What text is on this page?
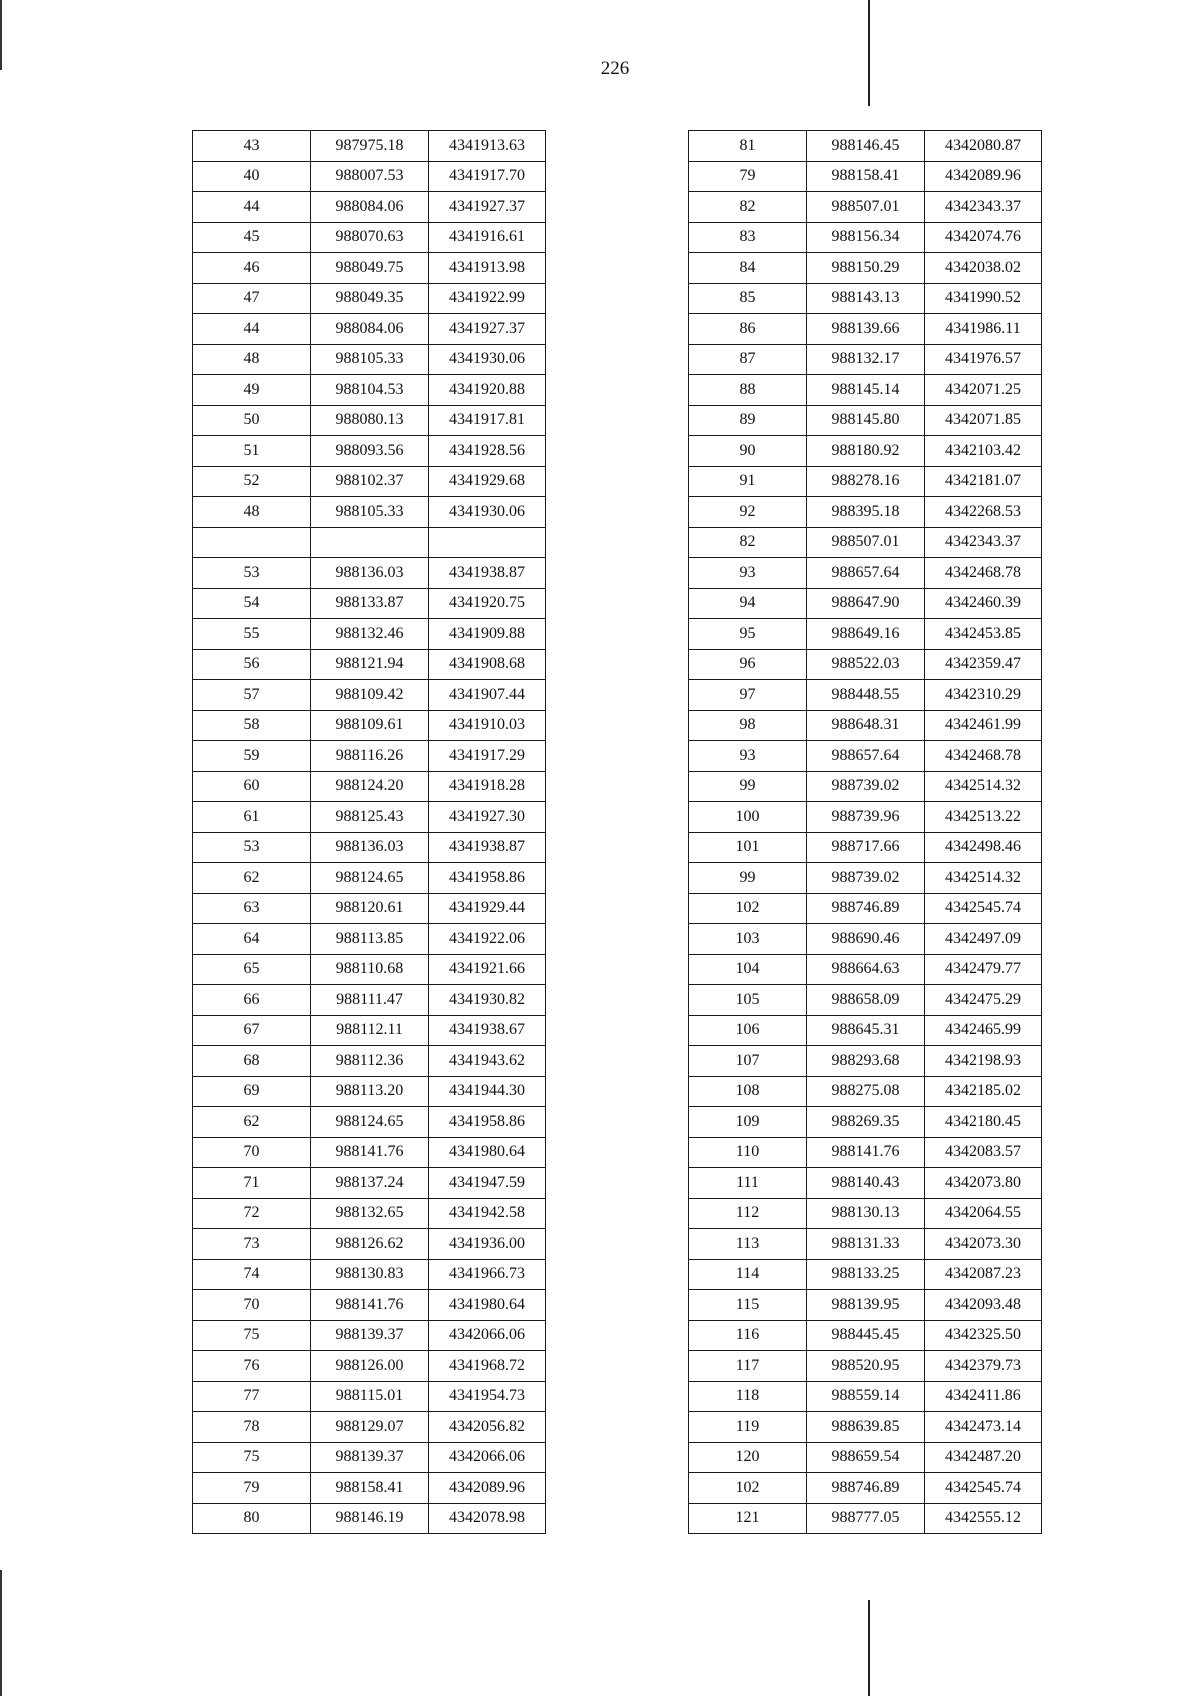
226
43	987975.18	4341913.63
40	988007.53	4341917.70
44	988084.06	4341927.37
45	988070.63	4341916.61
46	988049.75	4341913.98
47	988049.35	4341922.99
44	988084.06	4341927.37
48	988105.33	4341930.06
49	988104.53	4341920.88
50	988080.13	4341917.81
51	988093.56	4341928.56
52	988102.37	4341929.68
48	988105.33	4341930.06

53	988136.03	4341938.87
54	988133.87	4341920.75
55	988132.46	4341909.88
56	988121.94	4341908.68
57	988109.42	4341907.44
58	988109.61	4341910.03
59	988116.26	4341917.29
60	988124.20	4341918.28
61	988125.43	4341927.30
53	988136.03	4341938.87
62	988124.65	4341958.86
63	988120.61	4341929.44
64	988113.85	4341922.06
65	988110.68	4341921.66
66	988111.47	4341930.82
67	988112.11	4341938.67
68	988112.36	4341943.62
69	988113.20	4341944.30
62	988124.65	4341958.86
70	988141.76	4341980.64
71	988137.24	4341947.59
72	988132.65	4341942.58
73	988126.62	4341936.00
74	988130.83	4341966.73
70	988141.76	4341980.64
75	988139.37	4342066.06
76	988126.00	4341968.72
77	988115.01	4341954.73
78	988129.07	4342056.82
75	988139.37	4342066.06
79	988158.41	4342089.96
80	988146.19	4342078.98
81	988146.45	4342080.87
79	988158.41	4342089.96
82	988507.01	4342343.37
83	988156.34	4342074.76
84	988150.29	4342038.02
85	988143.13	4341990.52
86	988139.66	4341986.11
87	988132.17	4341976.57
88	988145.14	4342071.25
89	988145.80	4342071.85
90	988180.92	4342103.42
91	988278.16	4342181.07
92	988395.18	4342268.53
82	988507.01	4342343.37
93	988657.64	4342468.78
94	988647.90	4342460.39
95	988649.16	4342453.85
96	988522.03	4342359.47
97	988448.55	4342310.29
98	988648.31	4342461.99
93	988657.64	4342468.78
99	988739.02	4342514.32
100	988739.96	4342513.22
101	988717.66	4342498.46
99	988739.02	4342514.32
102	988746.89	4342545.74
103	988690.46	4342497.09
104	988664.63	4342479.77
105	988658.09	4342475.29
106	988645.31	4342465.99
107	988293.68	4342198.93
108	988275.08	4342185.02
109	988269.35	4342180.45
110	988141.76	4342083.57
111	988140.43	4342073.80
112	988130.13	4342064.55
113	988131.33	4342073.30
114	988133.25	4342087.23
115	988139.95	4342093.48
116	988445.45	4342325.50
117	988520.95	4342379.73
118	988559.14	4342411.86
119	988639.85	4342473.14
120	988659.54	4342487.20
102	988746.89	4342545.74
121	988777.05	4342555.12
